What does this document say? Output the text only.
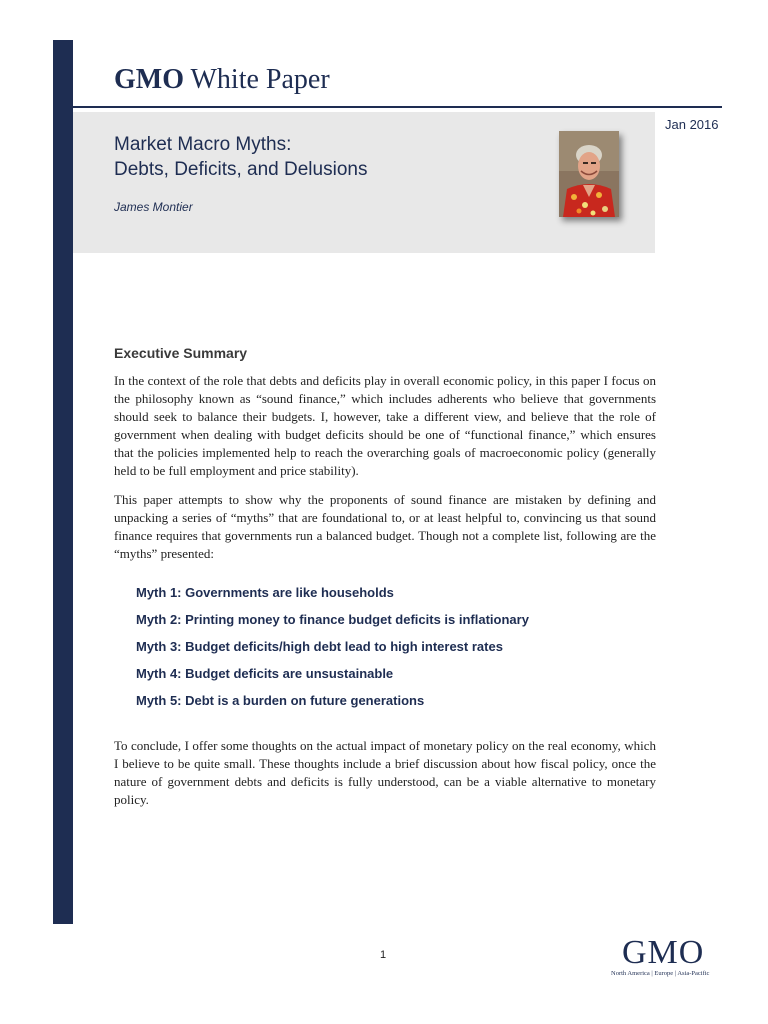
GMO White Paper
Jan 2016
Market Macro Myths:
Debts, Deficits, and Delusions
James Montier
Executive Summary

In the context of the role that debts and deficits play in overall economic policy, in this paper I focus on the philosophy known as “sound finance,” which includes adherents who believe that governments should seek to balance their budgets. I, however, take a different view, and believe that the role of government when dealing with budget deficits should be one of “functional finance,” which ensures that the policies implemented help to reach the overarching goals of macroeconomic policy (generally held to be full employment and price stability).

This paper attempts to show why the proponents of sound finance are mistaken by defining and unpacking a series of “myths” that are foundational to, or at least helpful to, convincing us that sound finance requires that governments run a balanced budget. Though not a complete list, following are the “myths” presented:

Myth 1: Governments are like households
Myth 2: Printing money to finance budget deficits is inflationary
Myth 3: Budget deficits/high debt lead to high interest rates
Myth 4: Budget deficits are unsustainable
Myth 5: Debt is a burden on future generations

To conclude, I offer some thoughts on the actual impact of monetary policy on the real economy, which I believe to be quite small. These thoughts include a brief discussion about how fiscal policy, once the nature of government debts and deficits is fully understood, can be a viable alternative to monetary policy.

1	GMO
North America | Europe | Asia-Pacific
